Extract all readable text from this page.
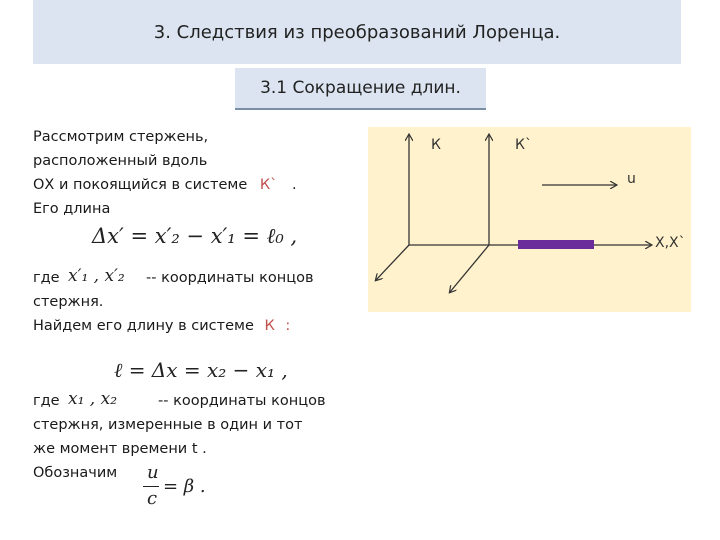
3. Следствия из преобразований Лоренца.
3.1 Сокращение длин.
Рассмотрим стержень,
расположенный вдоль
ОХ и покоящийся в системе К` .
Его длина
Δx′ = x′₂ − x′₁ = ℓ₀ ,
где x′₁ , x′₂ -- координаты концов
стержня.
Найдем его длину в системе К :
ℓ = Δx = x₂ − x₁ ,
где x₁ , x₂	-- координаты концов
стержня, измеренные в один и тот
же момент времени t .
Обозначим u
c
= β .
К	К`
u
X,X`
